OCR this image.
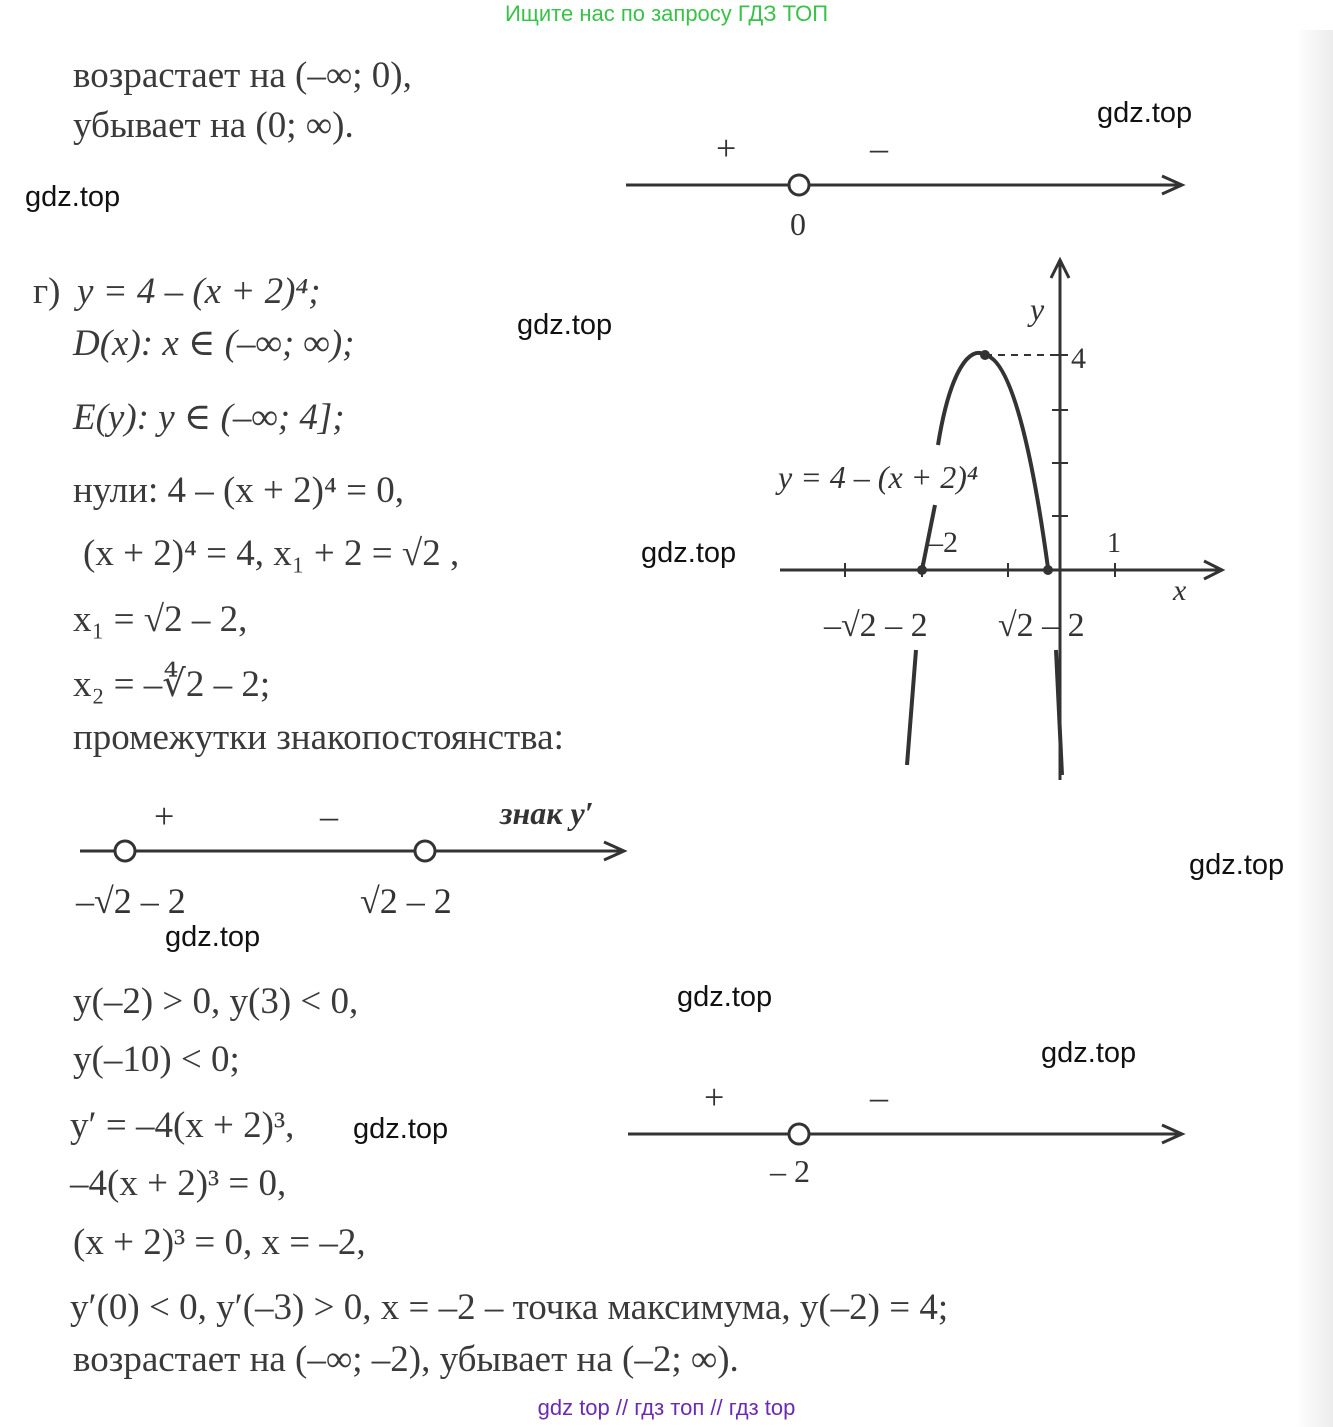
Ищите нас по запросу ГДЗ ТОП
возрастает на (–∞; 0),
убывает на (0; ∞).
г) y = 4 – (x + 2)⁴;
D(x): x ∈ (–∞; ∞);
E(y): y ∈ (–∞; 4];
нули: 4 – (x + 2)⁴ = 0,
(x + 2)⁴ = 4, x₁ + 2 = √2 ,
x₁ = √2 – 2,
x₂ = –∜2 – 2;
промежутки знакопостоянства:
y(–2) > 0, y(3) < 0,
y(–10) < 0;
y′ = –4(x + 2)³,
–4(x + 2)³ = 0,
(x + 2)³ = 0, x = –2,
y′(0) < 0, y′(–3) > 0, x = –2 – точка максимума, y(–2) = 4;
возрастает на (–∞; –2), убывает на (–2; ∞).
+	–
0
+	–	знак y′
–√2 – 2	√2 – 2
+	–
– 2
y
x
4
1
–2
y = 4 – (x + 2)⁴
–√2 – 2 √2 – 2
gdz.top
gdz.top
gdz.top
gdz.top
gdz.top
gdz.top
gdz.top
gdz.top
gdz.top
gdz top // гдз топ // гдз top
